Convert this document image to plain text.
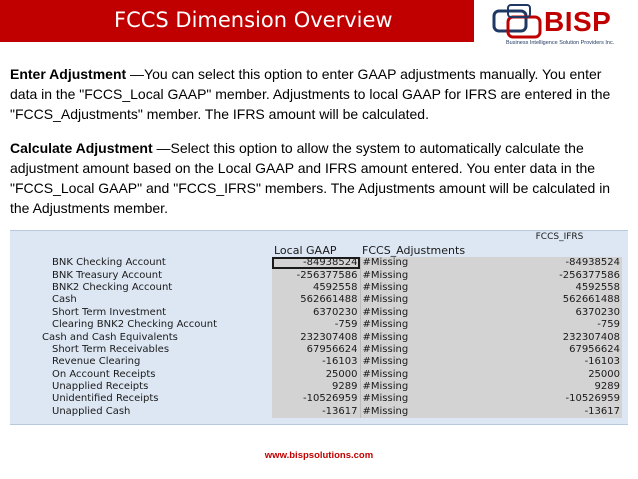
FCCS Dimension Overview	BISP
Business Intelligence Solution Providers Inc.

Enter Adjustment —You can select this option to enter GAAP adjustments manually. You enter data in the "FCCS_Local GAAP" member. Adjustments to local GAAP for IFRS are entered in the "FCCS_Adjustments" member. The IFRS amount will be calculated.

Calculate Adjustment —Select this option to allow the system to automatically calculate the adjustment amount based on the Local GAAP and IFRS amount entered. You enter data in the "FCCS_Local GAAP" and "FCCS_IFRS" members. The Adjustments amount will be calculated in the Adjustments member.

	Local GAAP	FCCS_Adjustments	FCCS_IFRS
BNK Checking Account	-84938524	#Missing	-84938524
BNK Treasury Account	-256377586	#Missing	-256377586
BNK2 Checking Account	4592558	#Missing	4592558
Cash	562661488	#Missing	562661488
Short Term Investment	6370230	#Missing	6370230
Clearing BNK2 Checking Account	-759	#Missing	-759
Cash and Cash Equivalents	232307408	#Missing	232307408
Short Term Receivables	67956624	#Missing	67956624
Revenue Clearing	-16103	#Missing	-16103
On Account Receipts	25000	#Missing	25000
Unapplied Receipts	9289	#Missing	9289
Unidentified Receipts	-10526959	#Missing	-10526959
Unapplied Cash	-13617	#Missing	-13617
www.bispsolutions.com
